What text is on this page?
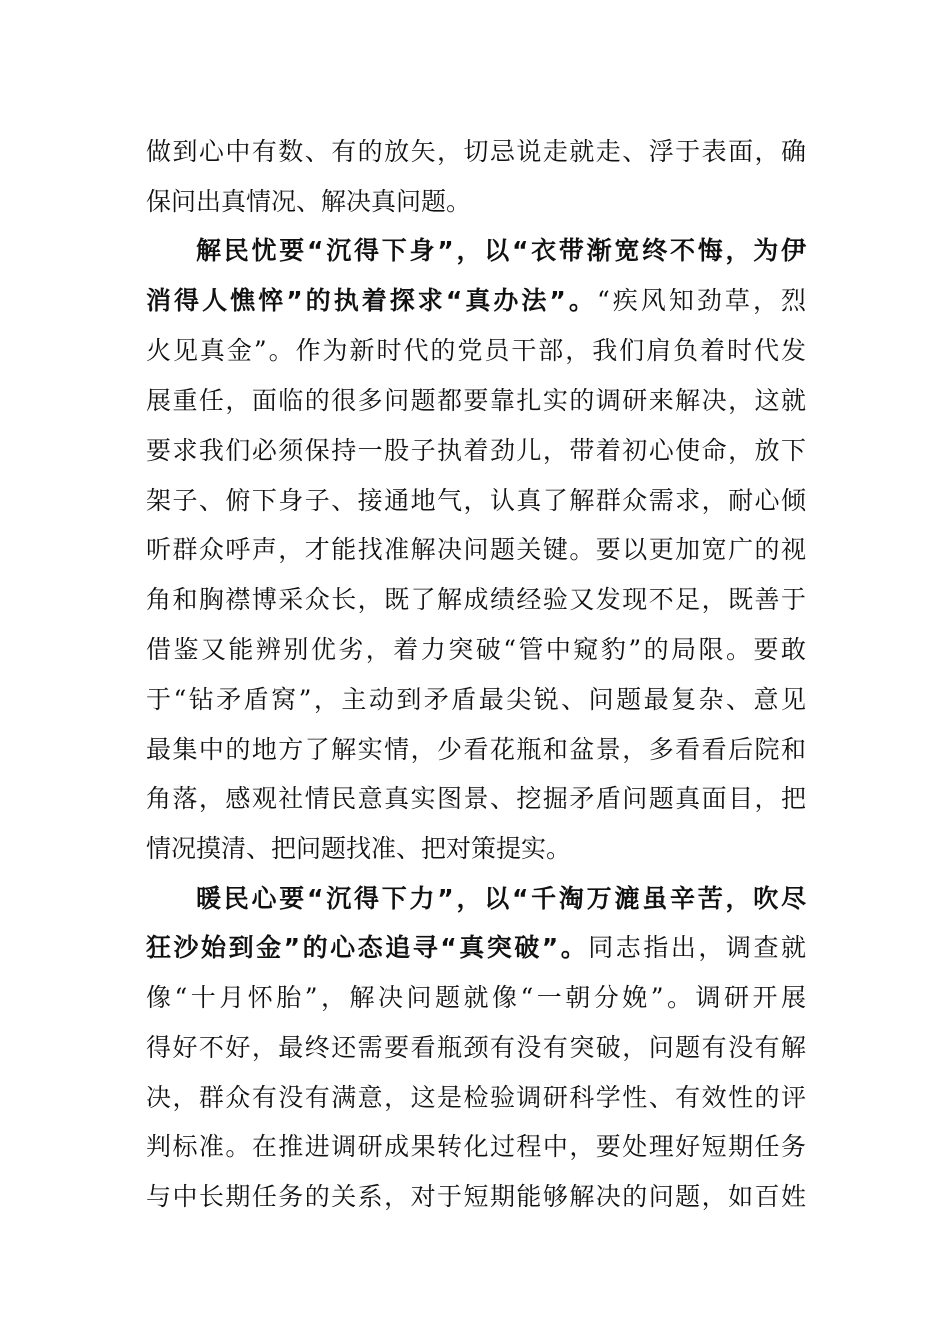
做到心中有数、有的放矢，切忌说走就走、浮于表面，确
保问出真情况、解决真问题。
解民忧要“沉得下身”，以“衣带渐宽终不悔，为伊
消得人憔悴”的执着探求“真办法”。“疾风知劲草，烈
火见真金”。作为新时代的党员干部，我们肩负着时代发
展重任，面临的很多问题都要靠扎实的调研来解决，这就
要求我们必须保持一股子执着劲儿，带着初心使命，放下
架子、俯下身子、接通地气，认真了解群众需求，耐心倾
听群众呼声，才能找准解决问题关键。要以更加宽广的视
角和胸襟博采众长，既了解成绩经验又发现不足，既善于
借鉴又能辨别优劣，着力突破“管中窥豹”的局限。要敢
于“钻矛盾窝”，主动到矛盾最尖锐、问题最复杂、意见
最集中的地方了解实情，少看花瓶和盆景，多看看后院和
角落，感观社情民意真实图景、挖掘矛盾问题真面目，把
情况摸清、把问题找准、把对策提实。
暖民心要“沉得下力”，以“千淘万漉虽辛苦，吹尽
狂沙始到金”的心态追寻“真突破”。同志指出，调查就
像“十月怀胎”，解决问题就像“一朝分娩”。调研开展
得好不好，最终还需要看瓶颈有没有突破，问题有没有解
决，群众有没有满意，这是检验调研科学性、有效性的评
判标准。在推进调研成果转化过程中，要处理好短期任务
与中长期任务的关系，对于短期能够解决的问题，如百姓
